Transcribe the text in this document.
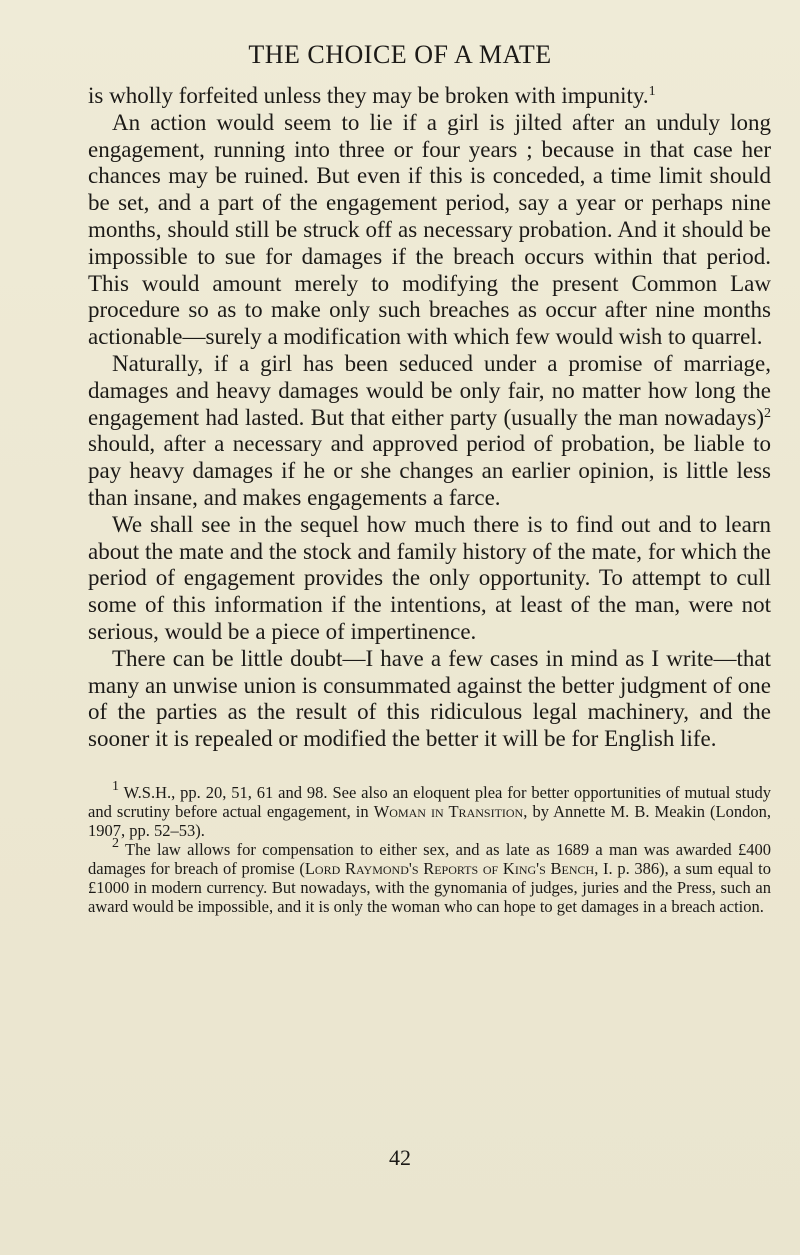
THE CHOICE OF A MATE

is wholly forfeited unless they may be broken with impunity.$^1$

An action would seem to lie if a girl is jilted after an unduly long engagement, running into three or four years ; because in that case her chances may be ruined. But even if this is conceded, a time limit should be set, and a part of the engagement period, say a year or perhaps nine months, should still be struck off as necessary probation. And it should be impossible to sue for damages if the breach occurs within that period. This would amount merely to modifying the present Common Law procedure so as to make only such breaches as occur after nine months actionable—surely a modification with which few would wish to quarrel.

Naturally, if a girl has been seduced under a promise of marriage, damages and heavy damages would be only fair, no matter how long the engagement had lasted. But that either party (usually the man nowadays)$^2$ should, after a necessary and approved period of probation, be liable to pay heavy damages if he or she changes an earlier opinion, is little less than insane, and makes engagements a farce.

We shall see in the sequel how much there is to find out and to learn about the mate and the stock and family history of the mate, for which the period of engagement provides the only opportunity. To attempt to cull some of this information if the intentions, at least of the man, were not serious, would be a piece of impertinence.

There can be little doubt—I have a few cases in mind as I write—that many an unwise union is consummated against the better judgment of one of the parties as the result of this ridiculous legal machinery, and the sooner it is repealed or modified the better it will be for English life.

$^1$ W.S.H., pp. 20, 51, 61 and 98. See also an eloquent plea for better opportunities of mutual study and scrutiny before actual engagement, in Woman in Transition, by Annette M. B. Meakin (London, 1907, pp. 52–53).

$^2$ The law allows for compensation to either sex, and as late as 1689 a man was awarded £400 damages for breach of promise (Lord Raymond's Reports of King's Bench, I. p. 386), a sum equal to £1000 in modern currency. But nowadays, with the gynomania of judges, juries and the Press, such an award would be impossible, and it is only the woman who can hope to get damages in a breach action.

42
